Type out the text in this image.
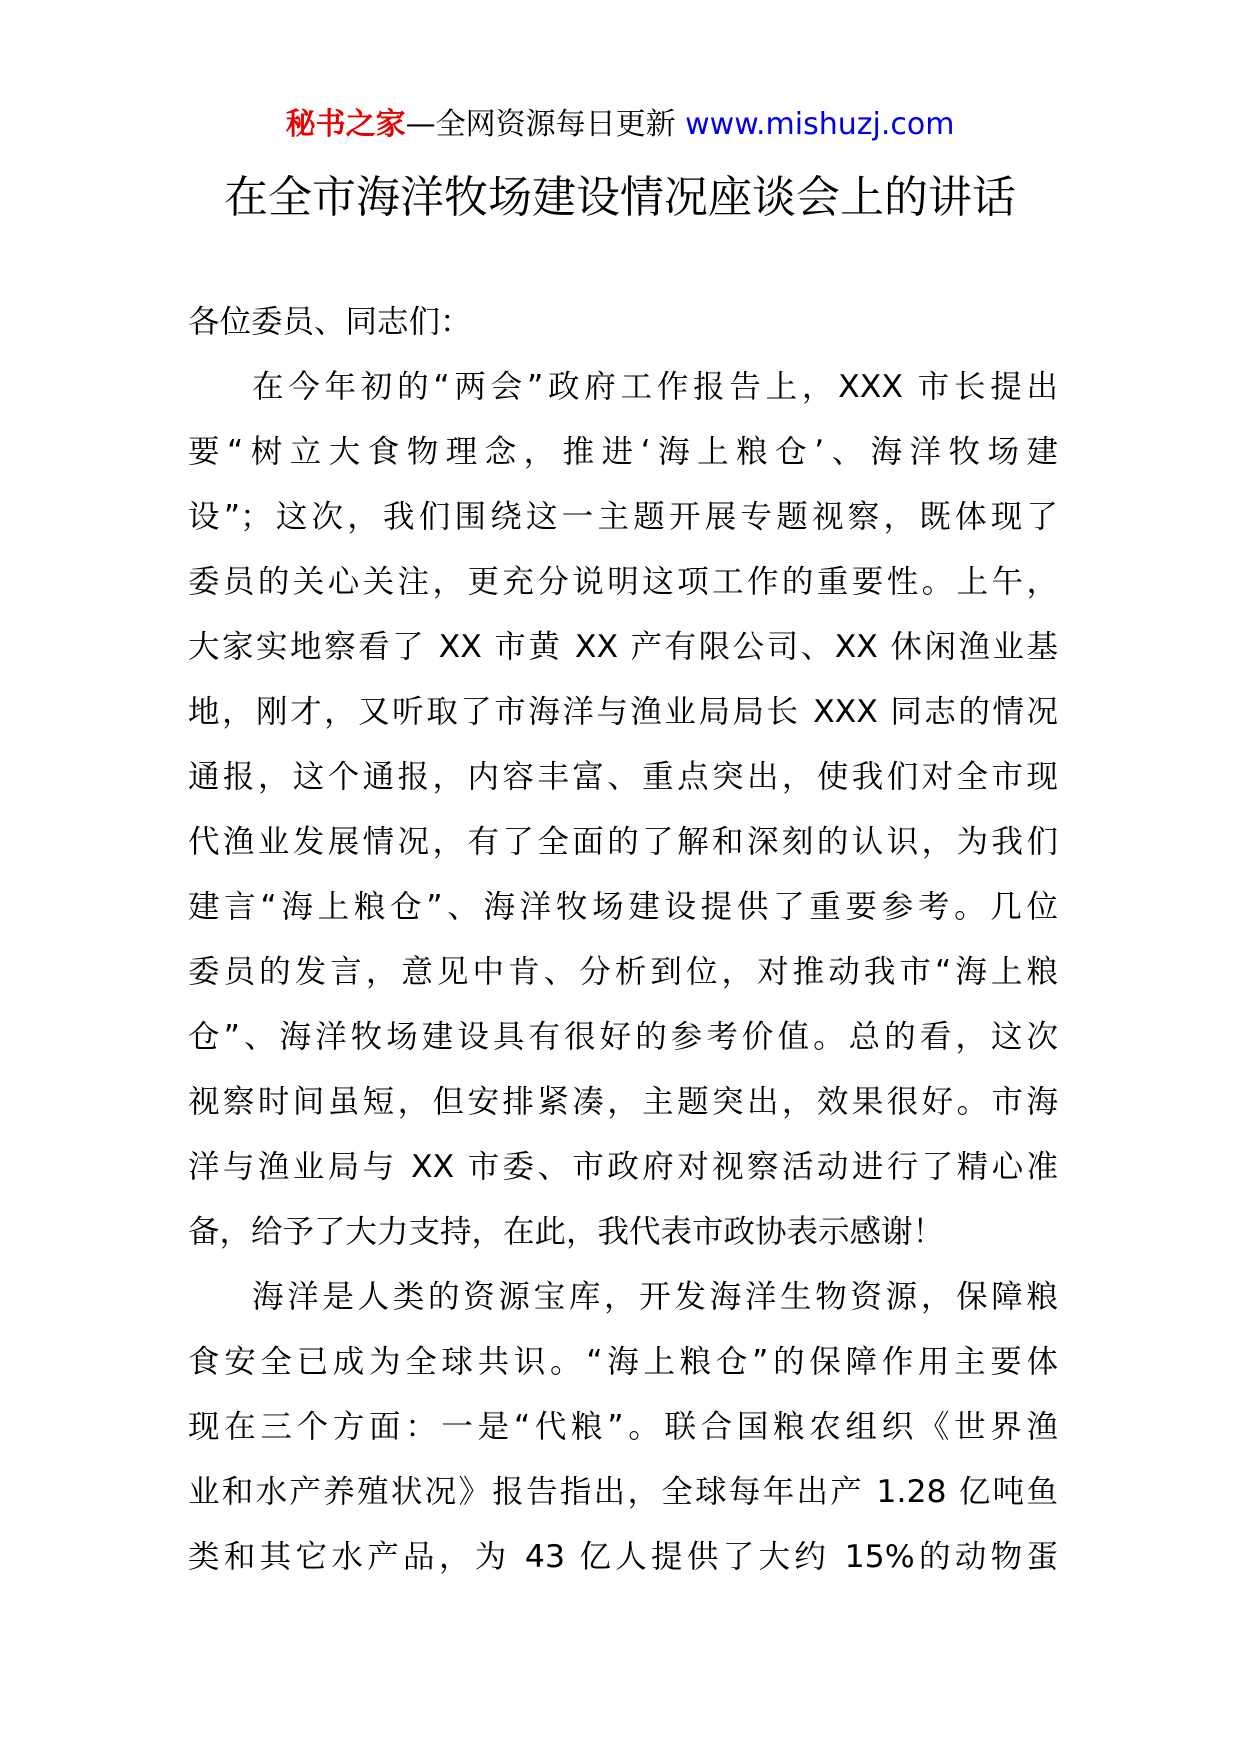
秘书之家—全网资源每日更新 www.mishuzj.com
在全市海洋牧场建设情况座谈会上的讲话
各位委员、同志们：
在今年初的“两会”政府工作报告上，XXX 市长提出
要“树立大食物理念，推进‘海上粮仓’、海洋牧场建
设”；这次，我们围绕这一主题开展专题视察，既体现了
委员的关心关注，更充分说明这项工作的重要性。上午，
大家实地察看了 XX 市黄 XX 产有限公司、XX 休闲渔业基
地，刚才，又听取了市海洋与渔业局局长 XXX 同志的情况
通报，这个通报，内容丰富、重点突出，使我们对全市现
代渔业发展情况，有了全面的了解和深刻的认识，为我们
建言“海上粮仓”、海洋牧场建设提供了重要参考。几位
委员的发言，意见中肯、分析到位，对推动我市“海上粮
仓”、海洋牧场建设具有很好的参考价值。总的看，这次
视察时间虽短，但安排紧凑，主题突出，效果很好。市海
洋与渔业局与 XX 市委、市政府对视察活动进行了精心准
备，给予了大力支持，在此，我代表市政协表示感谢！
海洋是人类的资源宝库，开发海洋生物资源，保障粮
食安全已成为全球共识。“海上粮仓”的保障作用主要体
现在三个方面：一是“代粮”。联合国粮农组织《世界渔
业和水产养殖状况》报告指出，全球每年出产 1.28 亿吨鱼
类和其它水产品，为 43 亿人提供了大约 15%的动物蛋
